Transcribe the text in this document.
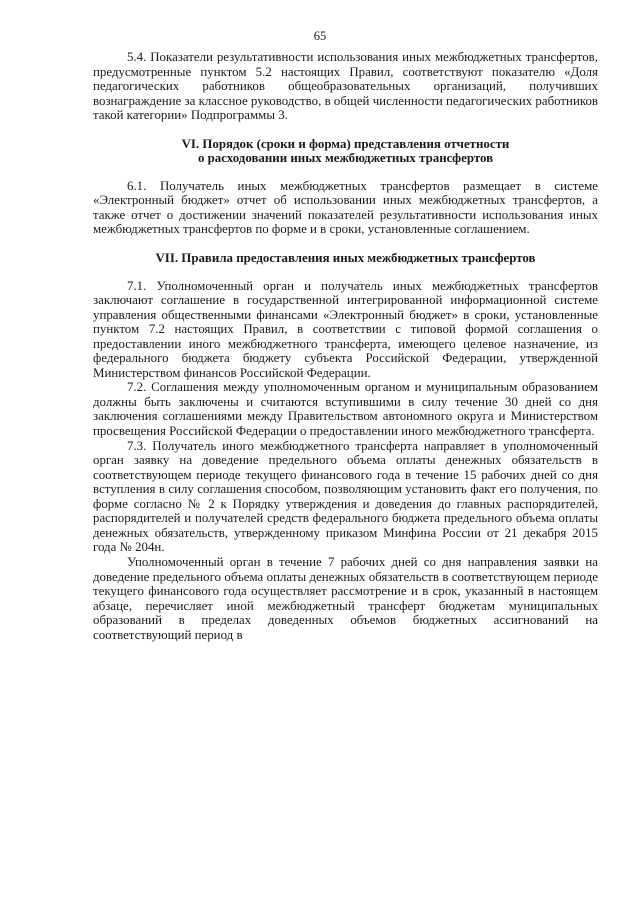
65

5.4. Показатели результативности использования иных межбюджетных трансфертов, предусмотренные пунктом 5.2 настоящих Правил, соответствуют показателю «Доля педагогических работников общеобразовательных организаций, получивших вознаграждение за классное руководство, в общей численности педагогических работников такой категории» Подпрограммы 3.

VI. Порядок (сроки и форма) представления отчетности
о расходовании иных межбюджетных трансфертов

6.1. Получатель иных межбюджетных трансфертов размещает в системе «Электронный бюджет» отчет об использовании иных межбюджетных трансфертов, а также отчет о достижении значений показателей результативности использования иных межбюджетных трансфертов по форме и в сроки, установленные соглашением.

VII. Правила предоставления иных межбюджетных трансфертов

7.1. Уполномоченный орган и получатель иных межбюджетных трансфертов заключают соглашение в государственной интегрированной информационной системе управления общественными финансами «Электронный бюджет» в сроки, установленные пунктом 7.2 настоящих Правил, в соответствии с типовой формой соглашения о предоставлении иного межбюджетного трансферта, имеющего целевое назначение, из федерального бюджета бюджету субъекта Российской Федерации, утвержденной Министерством финансов Российской Федерации.

7.2. Соглашения между уполномоченным органом и муниципальным образованием должны быть заключены и считаются вступившими в силу течение 30 дней со дня заключения соглашениями между Правительством автономного округа и Министерством просвещения Российской Федерации о предоставлении иного межбюджетного трансферта.

7.3. Получатель иного межбюджетного трансферта направляет в уполномоченный орган заявку на доведение предельного объема оплаты денежных обязательств в соответствующем периоде текущего финансового года в течение 15 рабочих дней со дня вступления в силу соглашения способом, позволяющим установить факт его получения, по форме согласно № 2 к Порядку утверждения и доведения до главных распорядителей, распорядителей и получателей средств федерального бюджета предельного объема оплаты денежных обязательств, утвержденному приказом Минфина России от 21 декабря 2015 года № 204н.

Уполномоченный орган в течение 7 рабочих дней со дня направления заявки на доведение предельного объема оплаты денежных обязательств в соответствующем периоде текущего финансового года осуществляет рассмотрение и в срок, указанный в настоящем абзаце, перечисляет иной межбюджетный трансферт бюджетам муниципальных образований в пределах доведенных объемов бюджетных ассигнований на соответствующий период в
